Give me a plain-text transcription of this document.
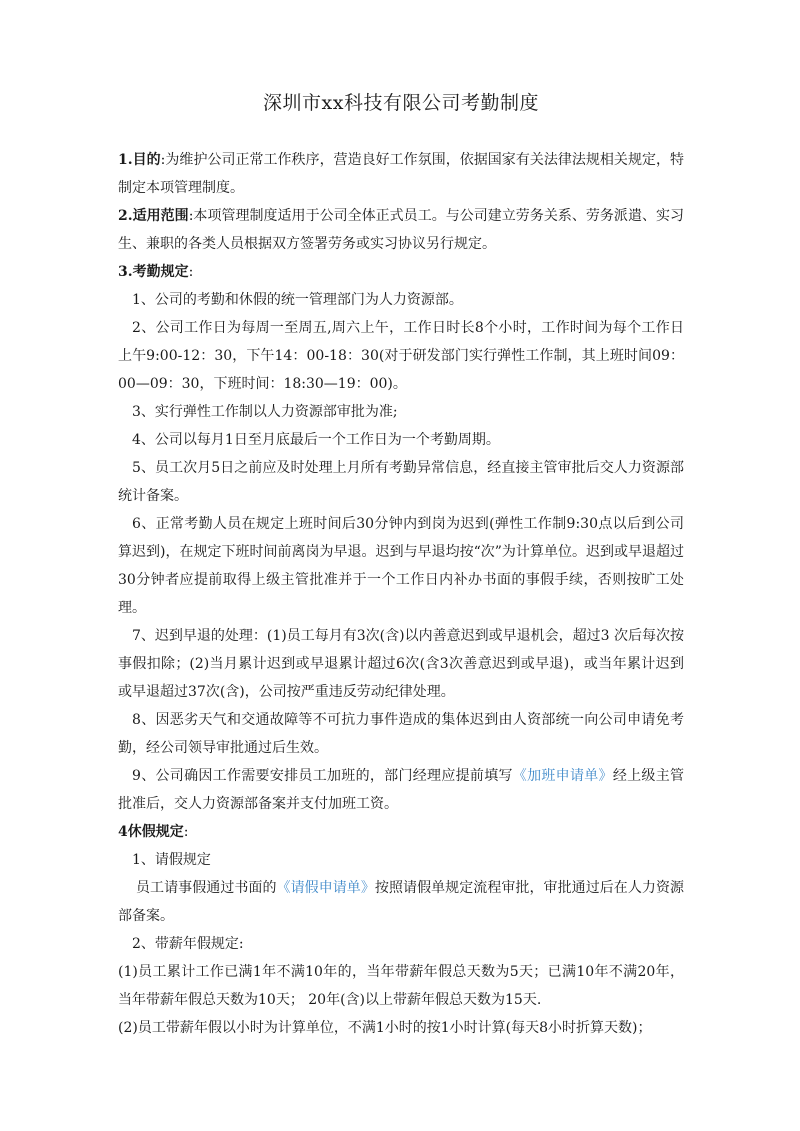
深圳市xx科技有限公司考勤制度

1.目的:为维护公司正常工作秩序，营造良好工作氛围，依据国家有关法律法规相关规定，特制定本项管理制度。

2.适用范围:本项管理制度适用于公司全体正式员工。与公司建立劳务关系、劳务派遣、实习生、兼职的各类人员根据双方签署劳务或实习协议另行规定。

3.考勤规定:

1、公司的考勤和休假的统一管理部门为人力资源部。

2、公司工作日为每周一至周五,周六上午，工作日时长8个小时，工作时间为每个工作日上午9:00-12：30，下午14：00-18：30(对于研发部门实行弹性工作制，其上班时间09：00—09：30，下班时间：18:30—19：00)。

3、实行弹性工作制以人力资源部审批为准;

4、公司以每月1日至月底最后一个工作日为一个考勤周期。

5、员工次月5日之前应及时处理上月所有考勤异常信息，经直接主管审批后交人力资源部统计备案。

6、正常考勤人员在规定上班时间后30分钟内到岗为迟到(弹性工作制9:30点以后到公司算迟到)，在规定下班时间前离岗为早退。迟到与早退均按“次”为计算单位。迟到或早退超过30分钟者应提前取得上级主管批准并于一个工作日内补办书面的事假手续，否则按旷工处理。

7、迟到早退的处理：(1)员工每月有3次(含)以内善意迟到或早退机会，超过3 次后每次按事假扣除；(2)当月累计迟到或早退累计超过6次(含3次善意迟到或早退)，或当年累计迟到或早退超过37次(含)，公司按严重违反劳动纪律处理。

8、因恶劣天气和交通故障等不可抗力事件造成的集体迟到由人资部统一向公司申请免考勤，经公司领导审批通过后生效。

9、公司确因工作需要安排员工加班的，部门经理应提前填写《加班申请单》经上级主管批准后，交人力资源部备案并支付加班工资。

4休假规定:

1、请假规定

员工请事假通过书面的《请假申请单》按照请假单规定流程审批，审批通过后在人力资源部备案。

2、带薪年假规定:

(1)员工累计工作已满1年不满10年的，当年带薪年假总天数为5天；已满10年不满20年，当年带薪年假总天数为10天； 20年(含)以上带薪年假总天数为15天.

(2)员工带薪年假以小时为计算单位，不满1小时的按1小时计算(每天8小时折算天数)；
